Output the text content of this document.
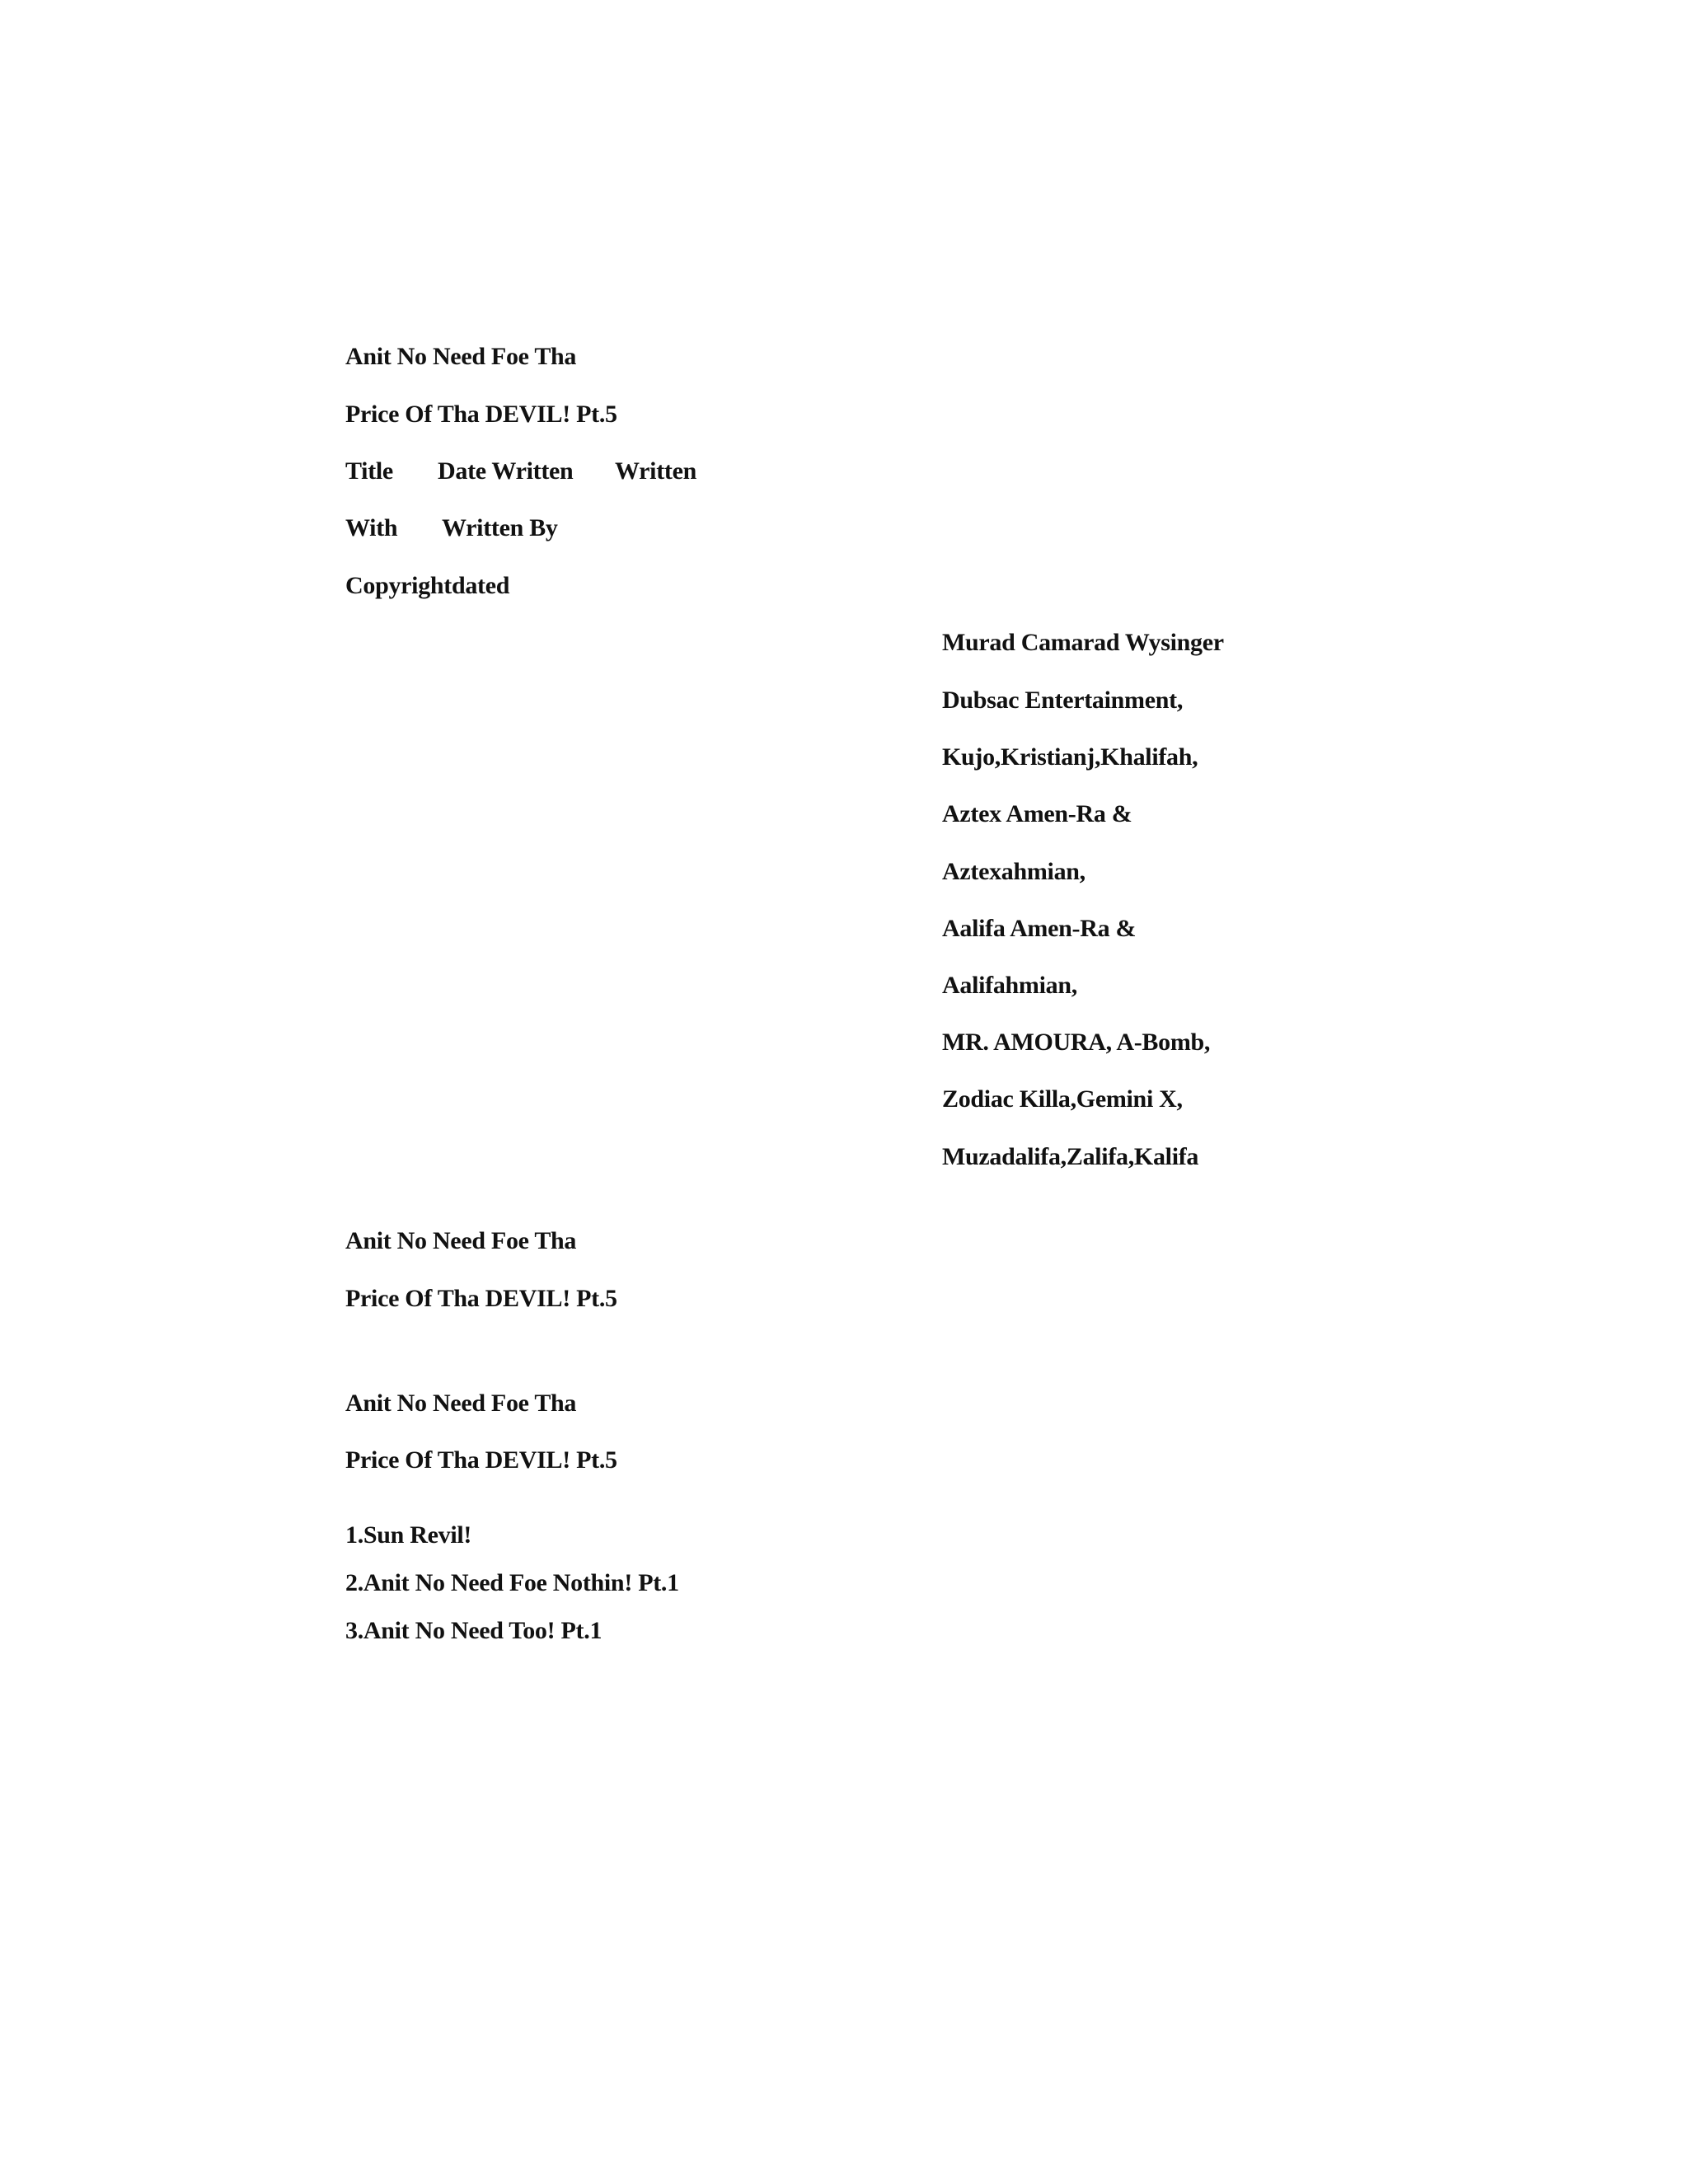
Anit No Need Foe Tha
Price Of Tha DEVIL! Pt.5
Title Date Written Written
With Written By
Copyrightdated
Murad Camarad Wysinger
Dubsac Entertainment,
Kujo,Kristianj,Khalifah,
Aztex Amen-Ra &
Aztexahmian,
Aalifa Amen-Ra &
Aalifahmian,
MR. AMOURA, A-Bomb,
Zodiac Killa,Gemini X,
Muzadalifa,Zalifa,Kalifa
Anit No Need Foe Tha
Price Of Tha DEVIL! Pt.5
Anit No Need Foe Tha
Price Of Tha DEVIL! Pt.5
1.Sun Revil!
2.Anit No Need Foe Nothin! Pt.1
3.Anit No Need Too! Pt.1
